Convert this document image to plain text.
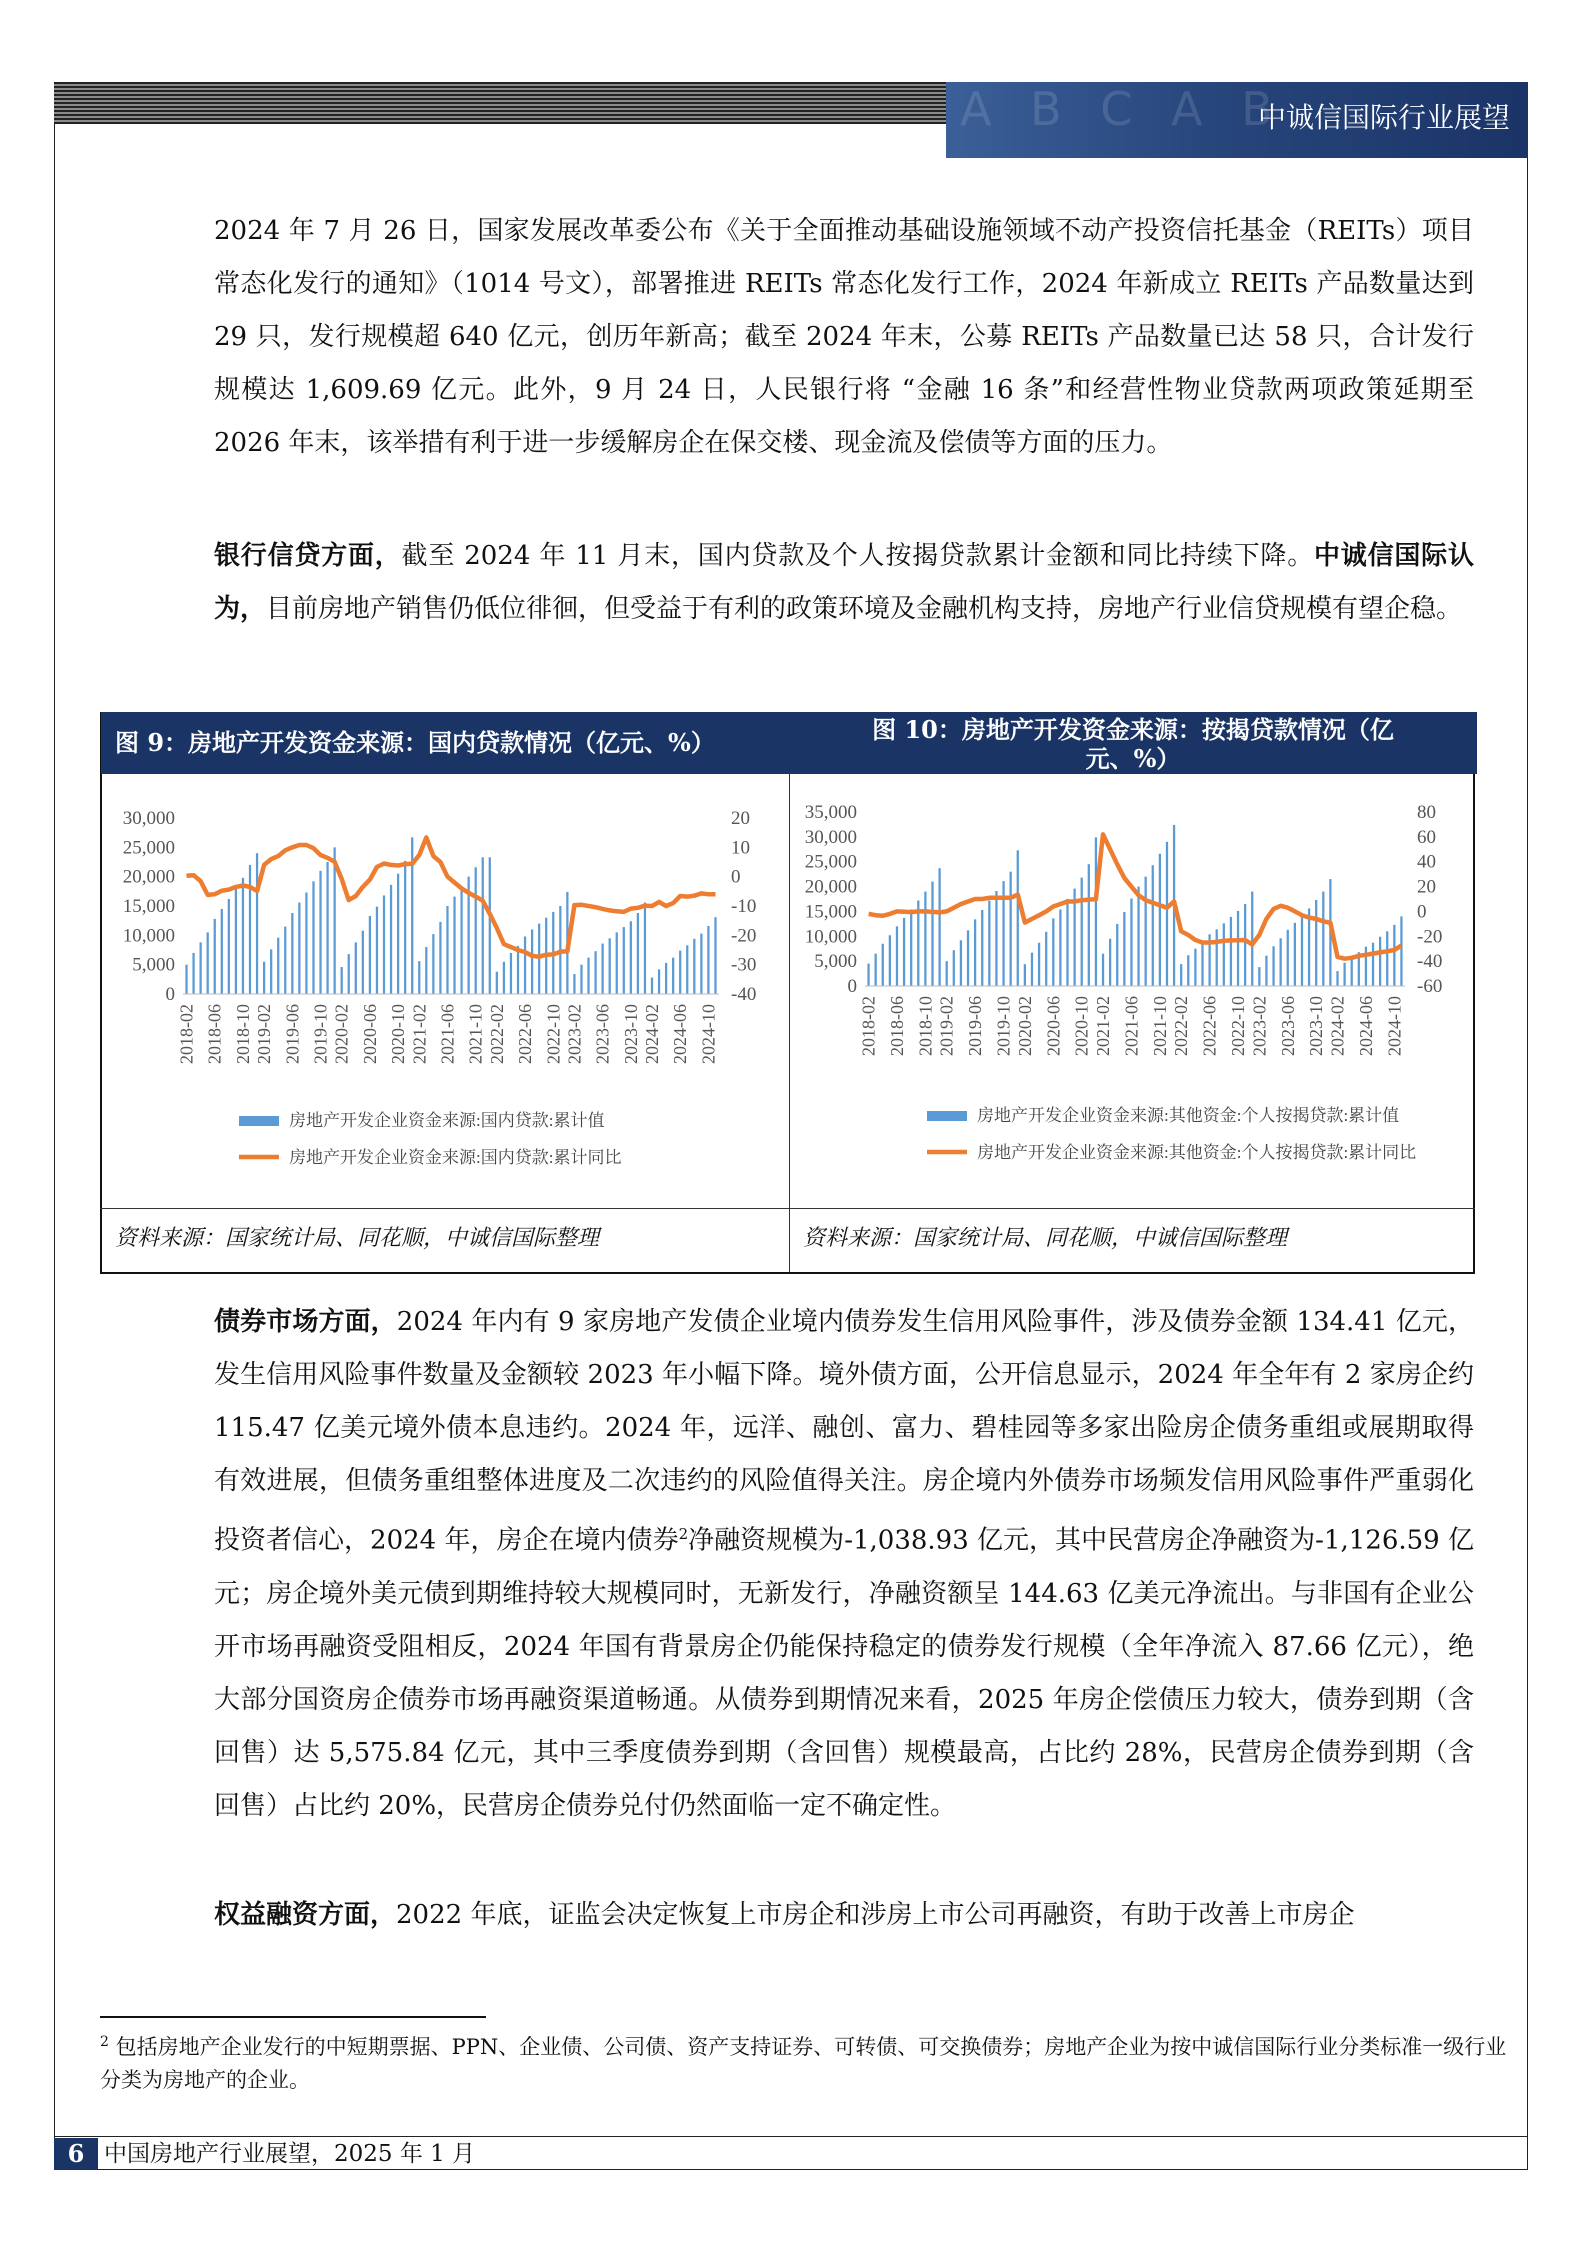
A B C A B
中诚信国际行业展望

2024 年 7 月 26 日，国家发展改革委公布《关于全面推动基础设施领域不动产投资信托基金（REITs）项目常态化发行的通知》（1014 号文），部署推进 REITs 常态化发行工作，2024 年新成立 REITs 产品数量达到 29 只，发行规模超 640 亿元，创历年新高；截至 2024 年末，公募 REITs 产品数量已达 58 只，合计发行规模达 1,609.69 亿元。此外，9 月 24 日，人民银行将 “金融 16 条”和经营性物业贷款两项政策延期至 2026 年末，该举措有利于进一步缓解房企在保交楼、现金流及偿债等方面的压力。

银行信贷方面，截至 2024 年 11 月末，国内贷款及个人按揭贷款累计金额和同比持续下降。中诚信国际认为，目前房地产销售仍低位徘徊，但受益于有利的政策环境及金融机构支持，房地产行业信贷规模有望企稳。

图 9：房地产开发资金来源：国内贷款情况（亿元、%）
0
5,000
10,000
15,000
20,000
25,000
30,000
-40
-30
-20
-10
0
10
20
2018-02 2018-06 2018-10 2019-02 2019-06 2019-10 2020-02 2020-06 2020-10 2021-02 2021-06 2021-10 2022-02 2022-06 2022-10 2023-02 2023-06 2023-10 2024-02 2024-06 2024-10
房地产开发企业资金来源:国内贷款:累计值
房地产开发企业资金来源:国内贷款:累计同比
资料来源：国家统计局、同花顺，中诚信国际整理
图 10：房地产开发资金来源：按揭贷款情况（亿
元、%）
0
5,000
10,000
15,000
20,000
25,000
30,000
35,000
-60
-40
-20
0
20
40
60
80
2018-02 2018-06 2018-10 2019-02 2019-06 2019-10 2020-02 2020-06 2020-10 2021-02 2021-06 2021-10 2022-02 2022-06 2022-10 2023-02 2023-06 2023-10 2024-02 2024-06 2024-10
房地产开发企业资金来源:其他资金:个人按揭贷款:累计值
房地产开发企业资金来源:其他资金:个人按揭贷款:累计同比
资料来源：国家统计局、同花顺，中诚信国际整理

债券市场方面，2024 年内有 9 家房地产发债企业境内债券发生信用风险事件，涉及债券金额 134.41 亿元，发生信用风险事件数量及金额较 2023 年小幅下降。境外债方面，公开信息显示，2024 年全年有 2 家房企约 115.47 亿美元境外债本息违约。2024 年，远洋、融创、富力、碧桂园等多家出险房企债务重组或展期取得有效进展，但债务重组整体进度及二次违约的风险值得关注。房企境内外债券市场频发信用风险事件严重弱化投资者信心，2024 年，房企在境内债券$^2$净融资规模为-1,038.93 亿元，其中民营房企净融资为-1,126.59 亿元；房企境外美元债到期维持较大规模同时，无新发行，净融资额呈 144.63 亿美元净流出。与非国有企业公开市场再融资受阻相反，2024 年国有背景房企仍能保持稳定的债券发行规模（全年净流入 87.66 亿元），绝大部分国资房企债券市场再融资渠道畅通。从债券到期情况来看，2025 年房企偿债压力较大，债券到期（含回售）达 5,575.84 亿元，其中三季度债券到期（含回售）规模最高，占比约 28%，民营房企债券到期（含回售）占比约 20%，民营房企债券兑付仍然面临一定不确定性。

权益融资方面，2022 年底，证监会决定恢复上市房企和涉房上市公司再融资，有助于改善上市房企

$^2$ 包括房地产企业发行的中短期票据、PPN、企业债、公司债、资产支持证券、可转债、可交换债券；房地产企业为按中诚信国际行业分类标准一级行业分类为房地产的企业。

6 中国房地产行业展望，2025 年 1 月
